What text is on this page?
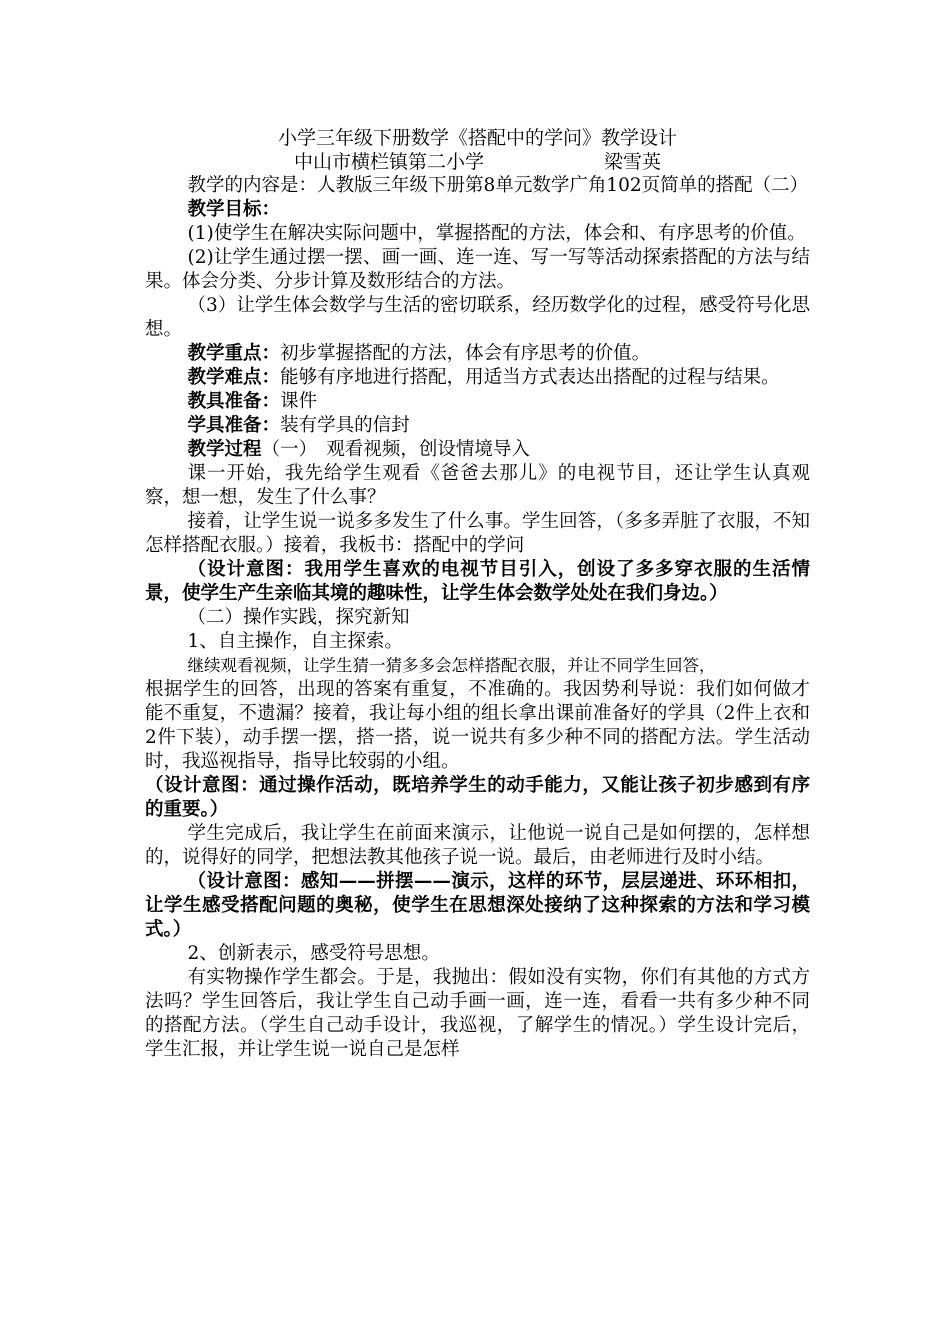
小学三年级下册数学《搭配中的学问》教学设计

中山市横栏镇第二小学	梁雪英

教学的内容是：人教版三年级下册第8单元数学广角102页简单的搭配（二）

教学目标：

(1)使学生在解决实际问题中，掌握搭配的方法，体会和、有序思考的价值。

(2)让学生通过摆一摆、画一画、连一连、写一写等活动探索搭配的方法与结果。体会分类、分步计算及数形结合的方法。

（3）让学生体会数学与生活的密切联系，经历数学化的过程，感受符号化思想。

教学重点：初步掌握搭配的方法，体会有序思考的价值。

教学难点：能够有序地进行搭配，用适当方式表达出搭配的过程与结果。

教具准备：课件

学具准备：装有学具的信封

教学过程（一）　观看视频，创设情境导入

课一开始，我先给学生观看《爸爸去那儿》的电视节目，还让学生认真观察，想一想，发生了什么事？

接着，让学生说一说多多发生了什么事。学生回答，（多多弄脏了衣服，不知怎样搭配衣服。）接着，我板书：搭配中的学问

（设计意图：我用学生喜欢的电视节目引入，创设了多多穿衣服的生活情景，使学生产生亲临其境的趣味性，让学生体会数学处处在我们身边。）

（二）操作实践，探究新知

1、自主操作，自主探索。

继续观看视频，让学生猜一猜多多会怎样搭配衣服，并让不同学生回答，

根据学生的回答，出现的答案有重复，不准确的。我因势利导说：我们如何做才能不重复，不遗漏？接着，我让每小组的组长拿出课前准备好的学具（2件上衣和2件下装），动手摆一摆，搭一搭，说一说共有多少种不同的搭配方法。学生活动时，我巡视指导，指导比较弱的小组。

（设计意图：通过操作活动，既培养学生的动手能力，又能让孩子初步感到有序的重要。）

学生完成后，我让学生在前面来演示，让他说一说自己是如何摆的，怎样想的，说得好的同学，把想法教其他孩子说一说。最后，由老师进行及时小结。

（设计意图：感知——拼摆——演示，这样的环节，层层递进、环环相扣，让学生感受搭配问题的奥秘，使学生在思想深处接纳了这种探索的方法和学习模式。）

2、创新表示，感受符号思想。

有实物操作学生都会。于是，我抛出：假如没有实物，你们有其他的方式方法吗？学生回答后，我让学生自己动手画一画，连一连，看看一共有多少种不同的搭配方法。（学生自己动手设计，我巡视，了解学生的情况。）学生设计完后，学生汇报，并让学生说一说自己是怎样
